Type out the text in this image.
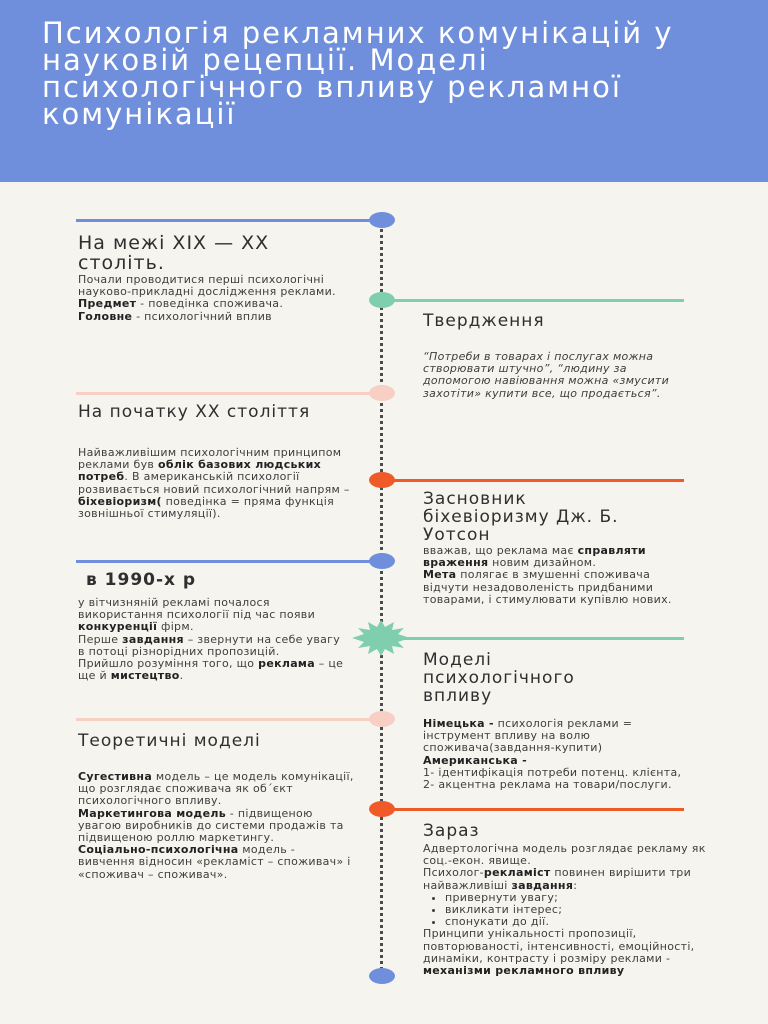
Психологія рекламних комунікацій у науковій рецепції. Моделі психологічного впливу рекламної комунікації
На межі XIX — XX століть.

Почали проводитися перші психологічні науково-прикладні дослідження реклами.
Предмет - поведінка споживача.
Головне - психологічний вплив	Твердження

“Потреби в товарах і послугах можна створювати штучно”, “людину за допомогою навіювання можна «змусити захотіти» купити все, що продається”.

На початку ХХ століття

Найважливішим психологічним принципом реклами був облік базових людських потреб. В американській психології розвивається новий психологічний напрям – біхевіоризм( поведінка = пряма функція зовнішньої стимуляції).

Засновник біхевіоризму Дж. Б. Уотсон

вважав, що реклама має справляти враження новим дизайном.
Мета полягає в змушенні споживача відчути незадоволеність придбаними товарами, і стимулювати купівлю нових.

в 1990-х р

у вітчизняній рекламі почалося використання психології під час появи конкуренції фірм.
Перше завдання – звернути на себе увагу в потоці різнорідних пропозицій.
Прийшло розуміння того, що реклама – це ще й мистецтво.

Моделі психологічного впливу

Німецька - психологія реклами = інструмент впливу на волю споживача(завдання-купити)
Американська -
1- ідентифікація потреби потенц. клієнта,
2- акцентна реклама на товари/послуги.

Теоретичні моделі

Сугестивна модель – це модель комунікації, що розглядає споживача як об´єкт психологічного впливу.
Маркетингова модель - підвищеною увагою виробників до системи продажів та підвищеною роллю маркетингу.
Соціально-психологічна модель - вивчення відносин «рекламіст – споживач» і «споживач – споживач».

Зараз
Адвертологічна модель розглядає рекламу як соц.-екон. явище.
Психолог-рекламіст повинен вирішити три найважливіші завдання:
• привернути увагу;
• викликати інтерес;
• спонукати до дії.
Принципи унікальності пропозиції, повторюваності, інтенсивності, емоційності, динаміки, контрасту і розміру реклами - механізми рекламного впливу
